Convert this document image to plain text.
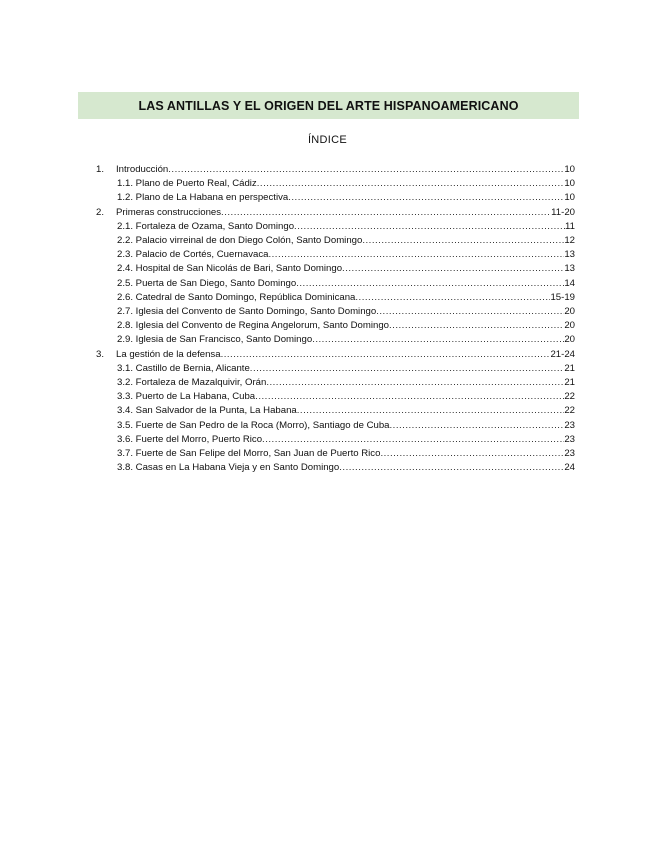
LAS ANTILLAS Y EL ORIGEN DEL ARTE HISPANOAMERICANO
ÍNDICE
1.	Introducción .....	10
1.1. Plano de Puerto Real, Cádiz .....	10
1.2. Plano de La Habana en perspectiva .....	10
2.	Primeras construcciones .....	11-20
2.1. Fortaleza de Ozama, Santo Domingo .....	11
2.2. Palacio virreinal de don Diego Colón, Santo Domingo .....	12
2.3. Palacio de Cortés, Cuernavaca .....	13
2.4. Hospital de San Nicolás de Bari, Santo Domingo .....	13
2.5. Puerta de San Diego, Santo Domingo .....	14
2.6. Catedral de Santo Domingo, República Dominicana .....	15-19
2.7. Iglesia del Convento de Santo Domingo, Santo Domingo .....	20
2.8. Iglesia del Convento de Regina Angelorum, Santo Domingo .....	20
2.9. Iglesia de San Francisco, Santo Domingo .....	20
3.	La gestión de la defensa .....	21-24
3.1. Castillo de Bernia, Alicante .....	21
3.2. Fortaleza de Mazalquivir, Orán .....	21
3.3. Puerto de La Habana, Cuba .....	22
3.4. San Salvador de la Punta, La Habana .....	22
3.5. Fuerte de San Pedro de la Roca (Morro), Santiago de Cuba .....	23
3.6. Fuerte del Morro, Puerto Rico .....	23
3.7. Fuerte de San Felipe del Morro, San Juan de Puerto Rico .....	23
3.8. Casas en La Habana Vieja y en Santo Domingo .....	24
